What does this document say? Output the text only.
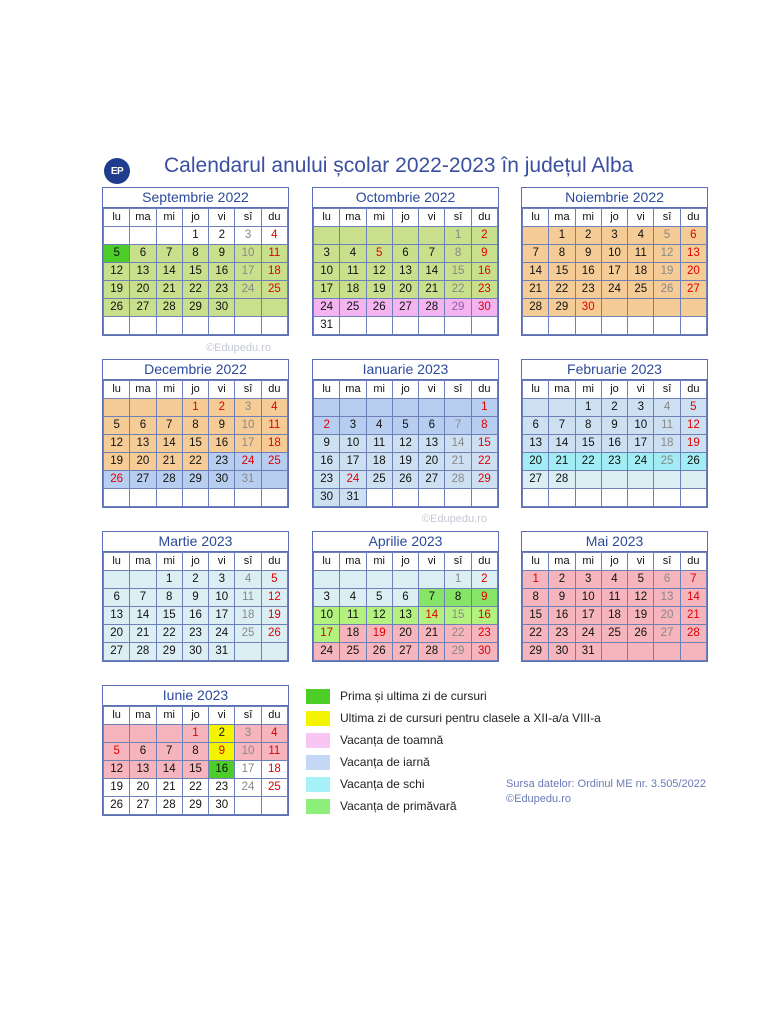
EP	Calendarul anului școlar 2022-2023 în județul Alba
©Edupedu.ro
©Edupedu.ro
Septembrie 2022
lu	ma	mi	jo	vi	sî	du
			1	2	3	4
5	6	7	8	9	10	11
12	13	14	15	16	17	18
19	20	21	22	23	24	25
26	27	28	29	30		

Octombrie 2022
lu	ma	mi	jo	vi	sî	du
					1	2
3	4	5	6	7	8	9
10	11	12	13	14	15	16
17	18	19	20	21	22	23
24	25	26	27	28	29	30
31						
Noiembrie 2022
lu	ma	mi	jo	vi	sî	du
	1	2	3	4	5	6
7	8	9	10	11	12	13
14	15	16	17	18	19	20
21	22	23	24	25	26	27
28	29	30				

Decembrie 2022
lu	ma	mi	jo	vi	sî	du
			1	2	3	4
5	6	7	8	9	10	11
12	13	14	15	16	17	18
19	20	21	22	23	24	25
26	27	28	29	30	31	

Ianuarie 2023
lu	ma	mi	jo	vi	sî	du
						1
2	3	4	5	6	7	8
9	10	11	12	13	14	15
16	17	18	19	20	21	22
23	24	25	26	27	28	29
30	31					
Februarie 2023
lu	ma	mi	jo	vi	sî	du
		1	2	3	4	5
6	7	8	9	10	11	12
13	14	15	16	17	18	19
20	21	22	23	24	25	26
27	28					

Martie 2023
lu	ma	mi	jo	vi	sî	du
		1	2	3	4	5
6	7	8	9	10	11	12
13	14	15	16	17	18	19
20	21	22	23	24	25	26
27	28	29	30	31		
Aprilie 2023
lu	ma	mi	jo	vi	sî	du
					1	2
3	4	5	6	7	8	9
10	11	12	13	14	15	16
17	18	19	20	21	22	23
24	25	26	27	28	29	30
Mai 2023
lu	ma	mi	jo	vi	sî	du
1	2	3	4	5	6	7
8	9	10	11	12	13	14
15	16	17	18	19	20	21
22	23	24	25	26	27	28
29	30	31				
Iunie 2023
lu	ma	mi	jo	vi	sî	du
			1	2	3	4
5	6	7	8	9	10	11
12	13	14	15	16	17	18
19	20	21	22	23	24	25
26	27	28	29	30		
Prima și ultima zi de cursuri
Ultima zi de cursuri pentru clasele a XII-a/a VIII-a
Vacanța de toamnă
Vacanța de iarnă
Vacanța de schi
Vacanța de primăvară
Sursa datelor: Ordinul ME nr. 3.505/2022
©Edupedu.ro
